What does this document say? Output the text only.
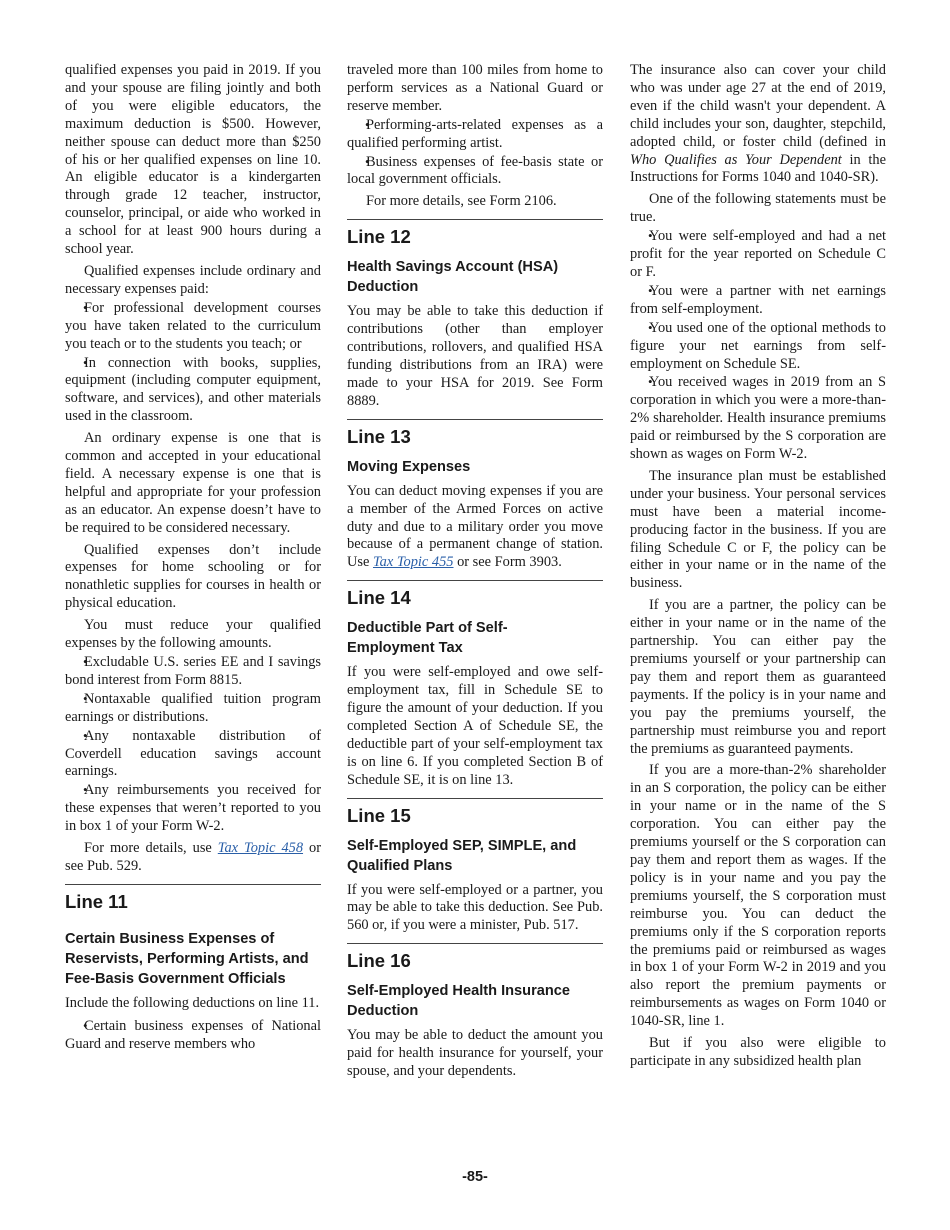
qualified expenses you paid in 2019. If you and your spouse are filing jointly and both of you were eligible educators, the maximum deduction is $500. However, neither spouse can deduct more than $250 of his or her qualified expenses on line 10. An eligible educator is a kindergarten through grade 12 teacher, instructor, counselor, principal, or aide who worked in a school for at least 900 hours during a school year.

Qualified expenses include ordinary and necessary expenses paid:

• For professional development courses you have taken related to the curriculum you teach or to the students you teach; or

• In connection with books, supplies, equipment (including computer equipment, software, and services), and other materials used in the classroom.

An ordinary expense is one that is common and accepted in your educational field. A necessary expense is one that is helpful and appropriate for your profession as an educator. An expense doesn’t have to be required to be considered necessary.

Qualified expenses don’t include expenses for home schooling or for nonathletic supplies for courses in health or physical education.

You must reduce your qualified expenses by the following amounts.

• Excludable U.S. series EE and I savings bond interest from Form 8815.

• Nontaxable qualified tuition program earnings or distributions.

• Any nontaxable distribution of Coverdell education savings account earnings.

• Any reimbursements you received for these expenses that weren’t reported to you in box 1 of your Form W-2.

For more details, use Tax Topic 458 or see Pub. 529.

Line 11
Certain Business Expenses of Reservists, Performing Artists, and Fee-Basis Government Officials

Include the following deductions on line 11.

• Certain business expenses of National Guard and reserve members who

traveled more than 100 miles from home to perform services as a National Guard or reserve member.

• Performing-arts-related expenses as a qualified performing artist.

• Business expenses of fee-basis state or local government officials.

For more details, see Form 2106.

Line 12
Health Savings Account (HSA) Deduction

You may be able to take this deduction if contributions (other than employer contributions, rollovers, and qualified HSA funding distributions from an IRA) were made to your HSA for 2019. See Form 8889.

Line 13
Moving Expenses

You can deduct moving expenses if you are a member of the Armed Forces on active duty and due to a military order you move because of a permanent change of station. Use Tax Topic 455 or see Form 3903.

Line 14
Deductible Part of Self-Employment Tax

If you were self-employed and owe self-employment tax, fill in Schedule SE to figure the amount of your deduction. If you completed Section A of Schedule SE, the deductible part of your self-employment tax is on line 6. If you completed Section B of Schedule SE, it is on line 13.

Line 15
Self-Employed SEP, SIMPLE, and Qualified Plans

If you were self-employed or a partner, you may be able to take this deduction. See Pub. 560 or, if you were a minister, Pub. 517.

Line 16
Self-Employed Health Insurance Deduction

You may be able to deduct the amount you paid for health insurance for yourself, your spouse, and your dependents.

The insurance also can cover your child who was under age 27 at the end of 2019, even if the child wasn't your dependent. A child includes your son, daughter, stepchild, adopted child, or foster child (defined in Who Qualifies as Your Dependent in the Instructions for Forms 1040 and 1040-SR).

One of the following statements must be true.

• You were self-employed and had a net profit for the year reported on Schedule C or F.

• You were a partner with net earnings from self-employment.

• You used one of the optional methods to figure your net earnings from self-employment on Schedule SE.

• You received wages in 2019 from an S corporation in which you were a more-than-2% shareholder. Health insurance premiums paid or reimbursed by the S corporation are shown as wages on Form W-2.

The insurance plan must be established under your business. Your personal services must have been a material income-producing factor in the business. If you are filing Schedule C or F, the policy can be either in your name or in the name of the business.

If you are a partner, the policy can be either in your name or in the name of the partnership. You can either pay the premiums yourself or your partnership can pay them and report them as guaranteed payments. If the policy is in your name and you pay the premiums yourself, the partnership must reimburse you and report the premiums as guaranteed payments.

If you are a more-than-2% shareholder in an S corporation, the policy can be either in your name or in the name of the S corporation. You can either pay the premiums yourself or the S corporation can pay them and report them as wages. If the policy is in your name and you pay the premiums yourself, the S corporation must reimburse you. You can deduct the premiums only if the S corporation reports the premiums paid or reimbursed as wages in box 1 of your Form W-2 in 2019 and you also report the premium payments or reimbursements as wages on Form 1040 or 1040-SR, line 1.

But if you also were eligible to participate in any subsidized health plan

-85-
